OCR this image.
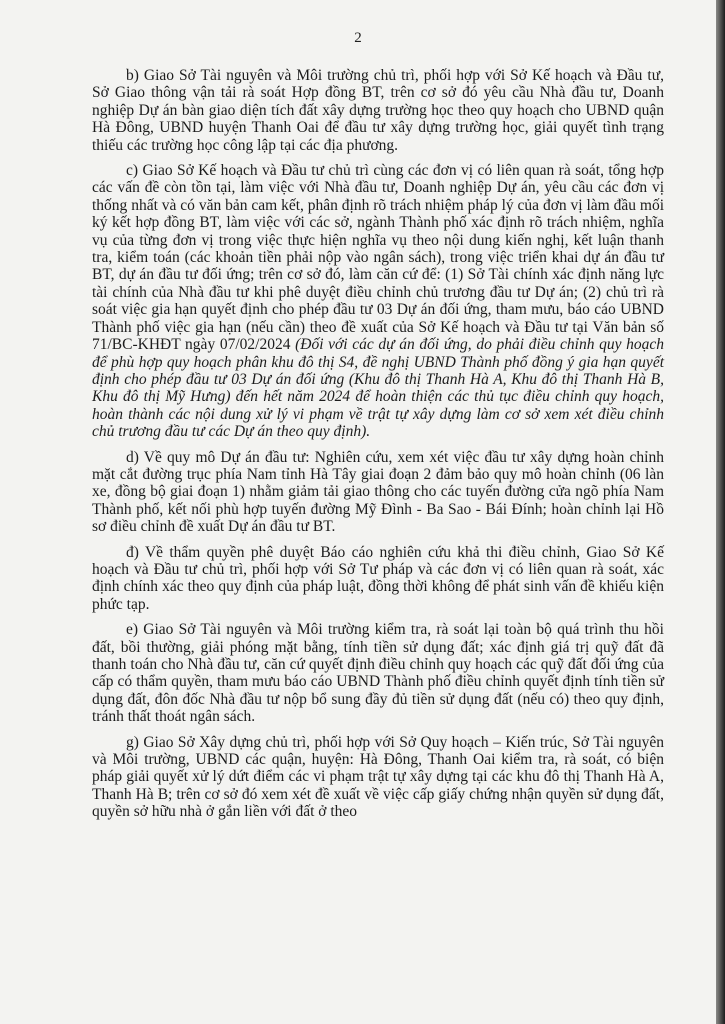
2

b) Giao Sở Tài nguyên và Môi trường chủ trì, phối hợp với Sở Kế hoạch và Đầu tư, Sở Giao thông vận tải rà soát Hợp đồng BT, trên cơ sở đó yêu cầu Nhà đầu tư, Doanh nghiệp Dự án bàn giao diện tích đất xây dựng trường học theo quy hoạch cho UBND quận Hà Đông, UBND huyện Thanh Oai để đầu tư xây dựng trường học, giải quyết tình trạng thiếu các trường học công lập tại các địa phương.

c) Giao Sở Kế hoạch và Đầu tư chủ trì cùng các đơn vị có liên quan rà soát, tổng hợp các vấn đề còn tồn tại, làm việc với Nhà đầu tư, Doanh nghiệp Dự án, yêu cầu các đơn vị thống nhất và có văn bản cam kết, phân định rõ trách nhiệm pháp lý của đơn vị làm đầu mối ký kết hợp đồng BT, làm việc với các sở, ngành Thành phố xác định rõ trách nhiệm, nghĩa vụ của từng đơn vị trong việc thực hiện nghĩa vụ theo nội dung kiến nghị, kết luận thanh tra, kiểm toán (các khoản tiền phải nộp vào ngân sách), trong việc triển khai dự án đầu tư BT, dự án đầu tư đối ứng; trên cơ sở đó, làm căn cứ để: (1) Sở Tài chính xác định năng lực tài chính của Nhà đầu tư khi phê duyệt điều chỉnh chủ trương đầu tư Dự án; (2) chủ trì rà soát việc gia hạn quyết định cho phép đầu tư 03 Dự án đối ứng, tham mưu, báo cáo UBND Thành phố việc gia hạn (nếu cần) theo đề xuất của Sở Kế hoạch và Đầu tư tại Văn bản số 71/BC-KHĐT ngày 07/02/2024 (Đối với các dự án đối ứng, do phải điều chỉnh quy hoạch để phù hợp quy hoạch phân khu đô thị S4, đề nghị UBND Thành phố đồng ý gia hạn quyết định cho phép đầu tư 03 Dự án đối ứng (Khu đô thị Thanh Hà A, Khu đô thị Thanh Hà B, Khu đô thị Mỹ Hưng) đến hết năm 2024 để hoàn thiện các thủ tục điều chỉnh quy hoạch, hoàn thành các nội dung xử lý vi phạm về trật tự xây dựng làm cơ sở xem xét điều chỉnh chủ trương đầu tư các Dự án theo quy định).

d) Về quy mô Dự án đầu tư: Nghiên cứu, xem xét việc đầu tư xây dựng hoàn chỉnh mặt cắt đường trục phía Nam tỉnh Hà Tây giai đoạn 2 đảm bảo quy mô hoàn chỉnh (06 làn xe, đồng bộ giai đoạn 1) nhằm giảm tải giao thông cho các tuyến đường cửa ngõ phía Nam Thành phố, kết nối phù hợp tuyến đường Mỹ Đình - Ba Sao - Bái Đính; hoàn chỉnh lại Hồ sơ điều chỉnh đề xuất Dự án đầu tư BT.

đ) Về thẩm quyền phê duyệt Báo cáo nghiên cứu khả thi điều chỉnh, Giao Sở Kế hoạch và Đầu tư chủ trì, phối hợp với Sở Tư pháp và các đơn vị có liên quan rà soát, xác định chính xác theo quy định của pháp luật, đồng thời không để phát sinh vấn đề khiếu kiện phức tạp.

e) Giao Sở Tài nguyên và Môi trường kiểm tra, rà soát lại toàn bộ quá trình thu hồi đất, bồi thường, giải phóng mặt bằng, tính tiền sử dụng đất; xác định giá trị quỹ đất đã thanh toán cho Nhà đầu tư, căn cứ quyết định điều chỉnh quy hoạch các quỹ đất đối ứng của cấp có thẩm quyền, tham mưu báo cáo UBND Thành phố điều chỉnh quyết định tính tiền sử dụng đất, đôn đốc Nhà đầu tư nộp bổ sung đầy đủ tiền sử dụng đất (nếu có) theo quy định, tránh thất thoát ngân sách.

g) Giao Sở Xây dựng chủ trì, phối hợp với Sở Quy hoạch – Kiến trúc, Sở Tài nguyên và Môi trường, UBND các quận, huyện: Hà Đông, Thanh Oai kiểm tra, rà soát, có biện pháp giải quyết xử lý dứt điểm các vi phạm trật tự xây dựng tại các khu đô thị Thanh Hà A, Thanh Hà B; trên cơ sở đó xem xét đề xuất về việc cấp giấy chứng nhận quyền sử dụng đất, quyền sở hữu nhà ở gắn liền với đất ở theo
